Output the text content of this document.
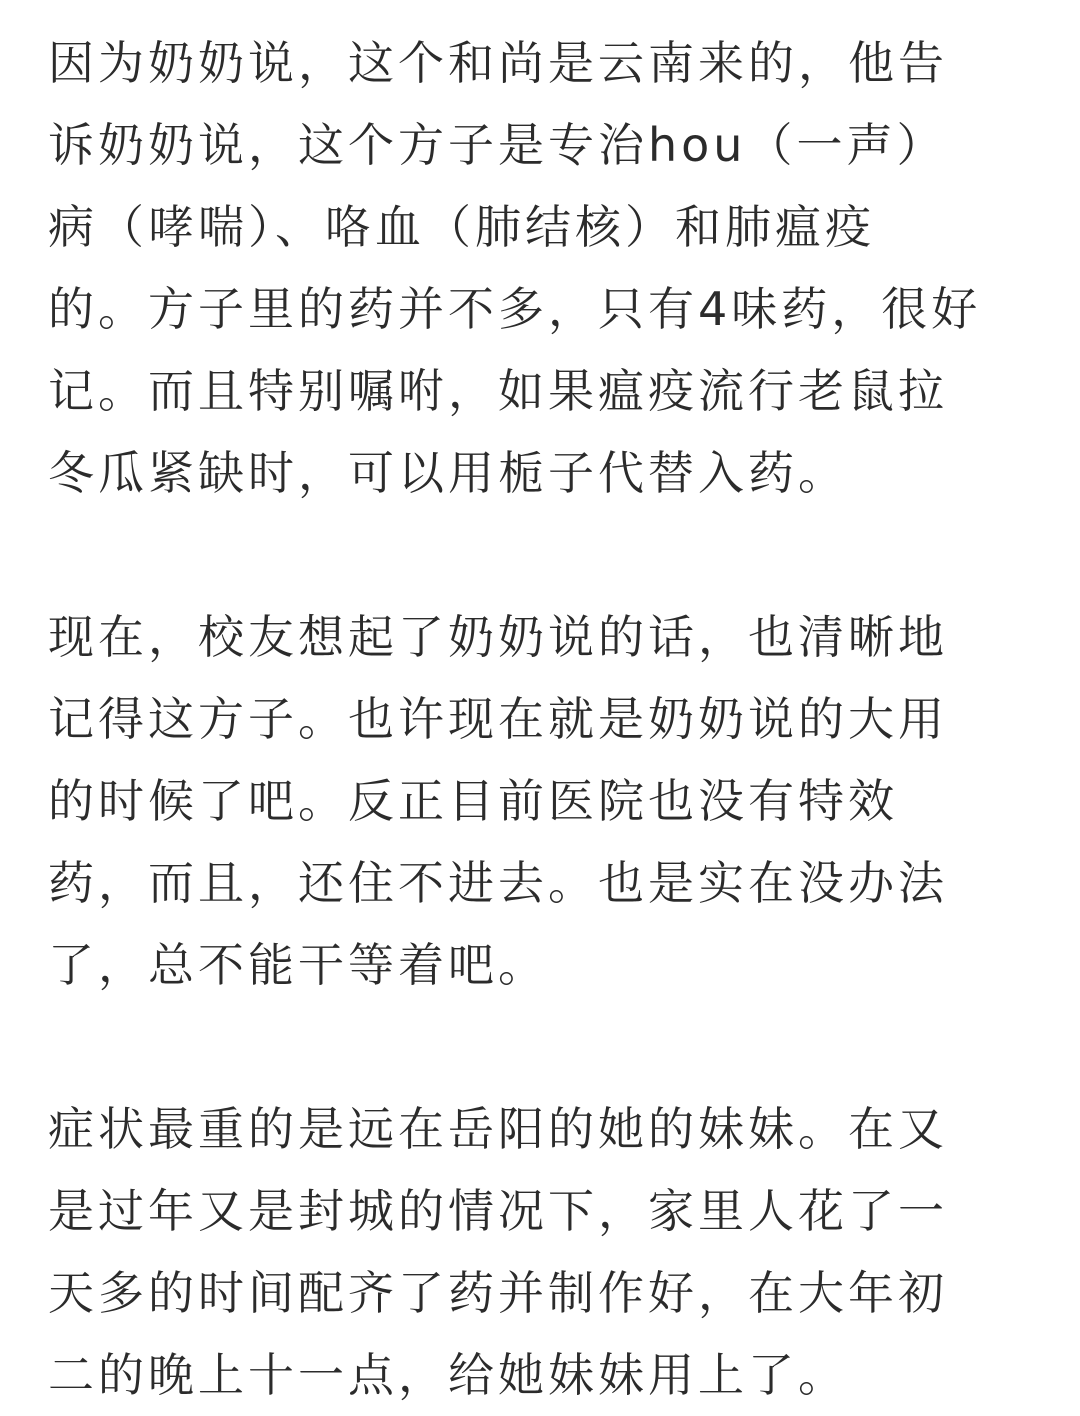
因为奶奶说，这个和尚是云南来的，他告
诉奶奶说，这个方子是专治hou（一声）
病（哮喘）、咯血（肺结核）和肺瘟疫
的。方子里的药并不多，只有4味药，很好
记。而且特别嘱咐，如果瘟疫流行老鼠拉
冬瓜紧缺时，可以用栀子代替入药。
现在，校友想起了奶奶说的话，也清晰地
记得这方子。也许现在就是奶奶说的大用
的时候了吧。反正目前医院也没有特效
药，而且，还住不进去。也是实在没办法
了，总不能干等着吧。
症状最重的是远在岳阳的她的妹妹。在又
是过年又是封城的情况下，家里人花了一
天多的时间配齐了药并制作好，在大年初
二的晚上十一点，给她妹妹用上了。
